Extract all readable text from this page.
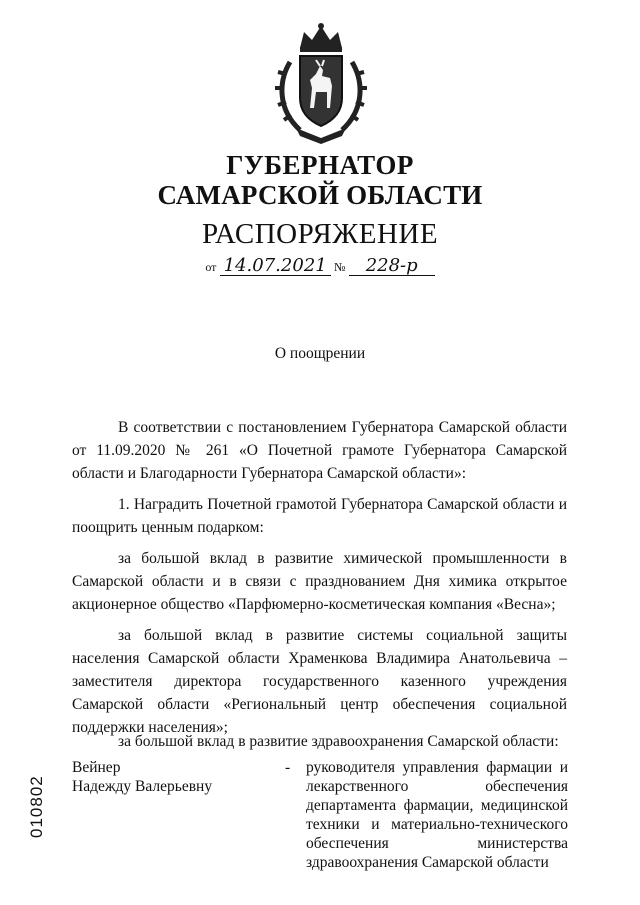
ГУБЕРНАТОР
САМАРСКОЙ ОБЛАСТИ
РАСПОРЯЖЕНИЕ
от 14.07.2021 № 228-р
О поощрении
В соответствии с постановлением Губернатора Самарской области от 11.09.2020 № 261 «О Почетной грамоте Губернатора Самарской области и Благодарности Губернатора Самарской области»:
1. Наградить Почетной грамотой Губернатора Самарской области и поощрить ценным подарком:
за большой вклад в развитие химической промышленности в Самарской области и в связи с празднованием Дня химика открытое акционерное общество «Парфюмерно-косметическая компания «Весна»;
за большой вклад в развитие системы социальной защиты населения Самарской области Храменкова Владимира Анатольевича – заместителя директора государственного казенного учреждения Самарской области «Региональный центр обеспечения социальной поддержки населения»;
за большой вклад в развитие здравоохранения Самарской области:
Вейнер
Надежду Валерьевну
- руководителя управления фармации и лекарственного обеспечения департамента фармации, медицинской техники и материально-технического обеспечения министерства здравоохранения Самарской области
010802
